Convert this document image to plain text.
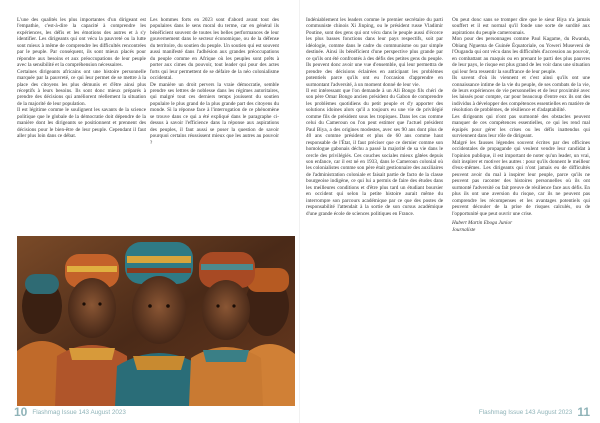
L'une des qualités les plus importantes d'un dirigeant est l'empathie, c'est-à-dire la capacité à comprendre les expériences, les défis et les émotions des autres et à s'y identifier. Les dirigeants qui ont vécu la pauvreté ou la lutte sont mieux à même de comprendre les difficultés rencontrées par le peuple. Par conséquent, ils sont mieux placés pour répondre aux besoins et aux préoccupations de leur peuple avec la sensibilité et la compréhension nécessaires.

Certaines dirigeants africains ont une histoire personnelle marquée par la pauvreté, ce qui leur permet de se mettre à la place des citoyens les plus démunis et d'être ainsi plus réceptifs à leurs besoins. Ils sont donc mieux préparés à prendre des décisions qui améliorent réellement la situation de la majorité de leur population.

Il est légitime comme le soulignent les savants de la science politique que le globale de la démocratie doit dépendre de la manière dont les dirigeants se positionnent et prennent des décisions pour le bien-être de leur peuple. Cependant il faut aller plus loin dans ce débat.

Les hommes forts en 2023 sont d'abord avant tout des populaires dans le sens moral du terme, car en général ils bénéficient souvent de toutes les belles performances de leur gouvernement dans le secteur économique, ou de la défense du territoire, du soutien du peuple. Un soutien qui est souvent aussi manifesté dans l'adhésion aux grandes préoccupations du peuple comme en Afrique où les peuples sont prêts à porter aux cimes du pouvoir, tout leader qui pour des actes forts qui leur permettent de se défaire de la néo colonialisme occidental.

De manière un droit pervers la vraie démocratie, semble prendre ses lettres de noblesse dans les régimes autoritaires, qui malgré tout ces derniers temps jouissent du soutien populaire le plus grand de la plus grande part des citoyens du monde. Si la réponse face à l'interrogation de ce phénomène se trouve dans ce qui a été expliqué dans le paragraphe ci-dessus à savoir l'efficience dans la réponse aux aspirations des peuples, il faut aussi se poser la question de savoir pourquoi certains réussissent mieux que les autres au pouvoir ?

Indéniablement les leaders comme le premier secrétaire du parti communiste chinois Xi Jinping, ou le président russe Vladimir Poutine, sont des gens qui ont vécu dans le peuple aussi d'écorce les plus basses fonctions dans leur pays respectifs, soit par idéologie, comme dans le cadre du communisme ou par simple destinée. Ainsi ils bénéficient d'une perspective plus grande par ce qu'ils ont été confrontés à des défis des petites gens du peuple. Ils peuvent donc avoir une vue d'ensemble, qui leur permettra de prendre des décisions éclairées en anticipant les problèmes potentiels parce qu'ils ont eu l'occasion d'apprendre en surmontant l'adversité, à un moment donné de leur vie.

Il est intéressant que l'on demande à un Ali Bongo fils chéri de son père Omar Bongo ancien président du Gabon de comprendre les problèmes quotidiens du petit peuple et d'y apporter des solutions idoines alors qu'il a toujours eu une vie de privilégié comme fils de président sous les tropiques. Dans les cas comme celui du Cameroun ou l'on peut estimer que l'actuel président Paul Biya, a des origines modestes, avec ses 90 ans dont plus de 40 ans comme président et plus de 60 ans comme haut responsable de l'État, il faut préciser que ce dernier comme son homologue gabonais déchu a passé la majorité de sa vie dans le cercle des privilégiés. Ces couches sociales mieux gâtées depuis son enfance, car il est né en 1933, dans le Cameroun colonial où les colonialistes comme son père était gestionnaire des auxiliaires de l'administration coloniale et faisait partie de facto de la classe bourgeoise indigène, ce qui lui a permis de faire des études dans les meilleures conditions et d'être plus tard un étudiant boursier en occident qui selon la petite histoire aurait même du interrompre son parcours académique par ce que des postes de responsabilité l'attendait à la sortie de son cursus académique d'une grande école de sciences politiques en France.

On peut donc sans se tromper dire que le sieur Biya n'a jamais souffert et il est normal qu'il fonde une sorte de surdité aux aspirations du peuple camerounais.

Mon pour des personnages comme Paul Kagame, du Rwanda, Obiang Nguema de Guinée Équatoriale, ou Yoweri Museveni de l'Ouganda qui ont vécu dans les difficultés d'accession au pouvoir, en combattant au maquis ou en prenant le parti des plus pauvres de leur pays, le risque est plus grand de les voir dans une situation qui leur fera ressentir la souffrance de leur peuple.

Ils savent d'où ils viennent et c'est ainsi qu'ils ont une connaissance intime de la vie du peuple, de ses combats de la vie, de leurs expériences de vie personnelles et de leur proximité avec les laissés pour compte, car pour beaucoup d'entre eux ils ont des individus à développer des compétences essentielles en matière de résolution de problèmes, de résilience et d'adaptabilité.

Les dirigeants qui n'ont pas surmonté des obstacles peuvent manquer de ces compétences essentielles, ce qui les rend mal équipés pour gérer les crises ou les défis inattendus qui surviennent dans leur rôle de dirigeant.

Malgré les fausses légendes souvent écrites par des officines occidentales de propagande qui veulent vendre leur candidat à l'opinion publique, il est important de noter qu'un leader, un vrai, doit inspirer et motiver les autres : pour qu'ils donnent le meilleur d'eux-mêmes. Les dirigeants qui n'ont jamais eu de difficultés peuvent avoir du mal à inspirer leur peuple, parce qu'ils ne peuvent pas raconter des histoires personnelles où ils ont surmonté l'adversité ou fait preuve de résilience face aux défis. En plus ils ont une aversion du risque, car ils ne peuvent pas comprendre les récompenses et les avantages potentiels qui peuvent découler de la prise de risques calculés, ou de l'opportunité que peut ouvrir une crise.

Hubert Martin Eboga Junior

Journaliste

10 Flashmag Issue 143 August 2023	Flashmag Issue 143 August 2023 11
